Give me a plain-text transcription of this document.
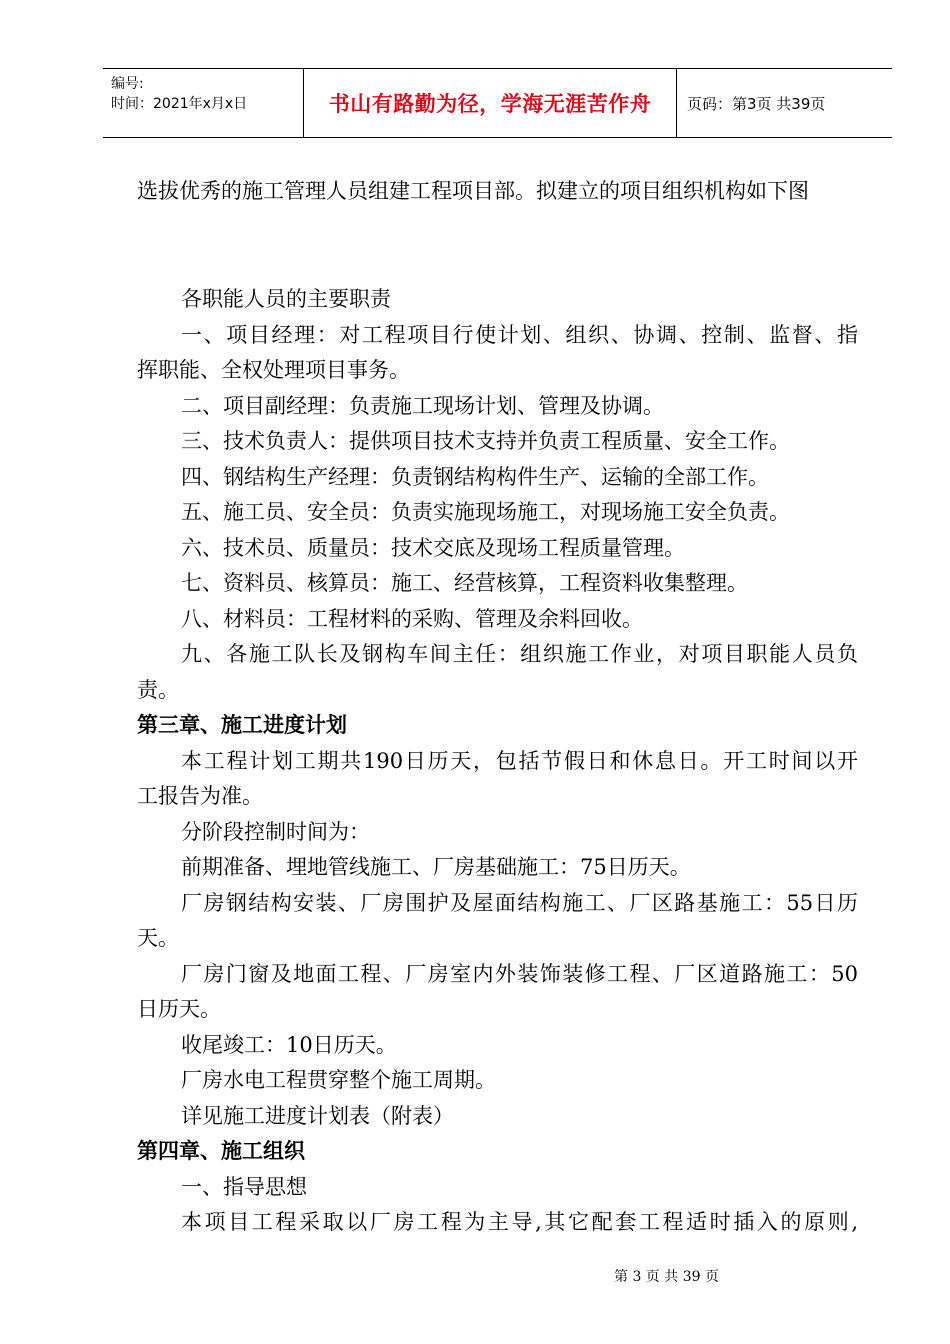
编号:
时间：2021年x月x日	书山有路勤为径，学海无涯苦作舟	页码：第3页 共39页
选拔优秀的施工管理人员组建工程项目部。拟建立的项目组织机构如下图
各职能人员的主要职责
一、项目经理：对工程项目行使计划、组织、协调、控制、监督、指
挥职能、全权处理项目事务。
二、项目副经理：负责施工现场计划、管理及协调。
三、技术负责人：提供项目技术支持并负责工程质量、安全工作。
四、钢结构生产经理：负责钢结构构件生产、运输的全部工作。
五、施工员、安全员：负责实施现场施工，对现场施工安全负责。
六、技术员、质量员：技术交底及现场工程质量管理。
七、资料员、核算员：施工、经营核算，工程资料收集整理。
八、材料员：工程材料的采购、管理及余料回收。
九、各施工队长及钢构车间主任：组织施工作业，对项目职能人员负
责。
第三章、施工进度计划
本工程计划工期共190日历天，包括节假日和休息日。开工时间以开
工报告为准。
分阶段控制时间为：
前期准备、埋地管线施工、厂房基础施工：75日历天。
厂房钢结构安装、厂房围护及屋面结构施工、厂区路基施工：55日历
天。
厂房门窗及地面工程、厂房室内外装饰装修工程、厂区道路施工：50
日历天。
收尾竣工：10日历天。
厂房水电工程贯穿整个施工周期。
详见施工进度计划表（附表）
第四章、施工组织
一、指导思想
本项目工程采取以厂房工程为主导,其它配套工程适时插入的原则,
第 3 页 共 39 页
